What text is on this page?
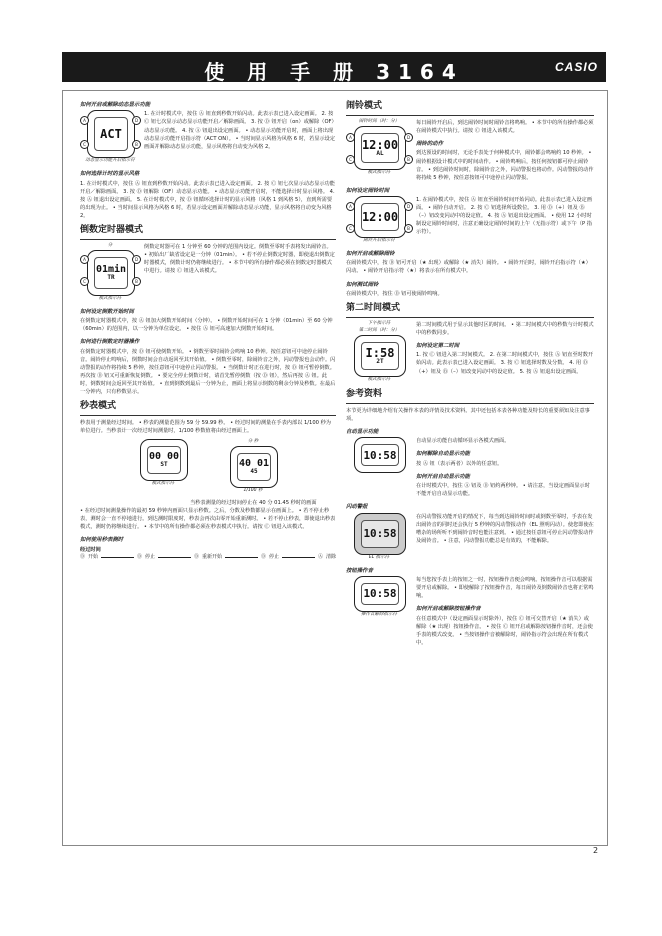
使 用 手 册 3164	CASIO
如何开启或解除动态显示功能
ACT
A
C
D
B
动态显示功能开启指示符
1. 在计时模式中，按住 Ⓐ 钮直到秒数开始闪动。此表示表已进入设定画面。 2. 按 Ⓒ 钮七次显示动态显示功能开启／解除画面。 3. 按 Ⓓ 钮开启（on）或解除（OF）动态显示功能。 4. 按 Ⓐ 钮退出设定画面。 • 动态显示功能开启时，画面上将出现动态显示功能开启指示符（ACT ON）。 • 当时间显示风格为风格 6 时，若显示设定画面并解除动态显示功能，显示风格将自动变为风格 2。
如何选择计时的显示风格
1. 在计时模式中，按住 Ⓐ 钮直到秒数开始闪动。此表示表已进入设定画面。 2. 按 Ⓒ 钮七次显示动态显示功能开启／解除画面。 3. 按 Ⓓ 钮解除（OF）动态显示功能。 • 动态显示功能开启时，不能选择计时显示风格。 4. 按 Ⓐ 钮退出设定画面。 5. 在计时模式中，按 Ⓓ 钮循环选择计时的显示风格（风格 1 到风格 5），直到所需要的出现为止。 • 当时间显示风格为风格 6 时，若显示设定画面并解除动态显示功能，显示风格将自动变为风格 2。
倒数定时器模式
分
01min
TR
A
C
D
B
模式指示符
倒数定时器可在 1 分钟至 60 分钟的范围内设定。倒数至零时手表将发出闹铃音。 • 初始出厂缺省设定是一分钟（01min）。 • 若不停止倒数定时器，即使退出倒数定时器模式，倒数计时仍将继续进行。 • 本节中的所有操作都必须在倒数定时器模式中进行。请按 Ⓒ 钮进入该模式。
如何设定倒数开始时间
在倒数定时器模式中，按 Ⓐ 钮加大倒数开始时间（分钟）。 • 倒数开始时间可在 1 分钟（01min）至 60 分钟（60min）的范围内，以一分钟为单位设定。 • 按住 Ⓐ 钮可高速加大倒数开始时间。
如何进行倒数定时器操作
在倒数定时器模式中，按 Ⓓ 钮可使倒数开始。 • 倒数至零时闹铃会鸣响 10 秒钟。按任意钮可中途停止闹铃音。闹铃停止鸣响后，倒数时间会自动返回至其开始值。 • 倒数至零时，除闹铃音之外，闪动警报也会动作。闪动警报的动作将持续 5 秒钟，按任意钮可中途停止闪动警报。 • 当倒数计时正在进行时，按 Ⓓ 钮可暂停倒数。再次按 Ⓓ 钮又可重新恢复倒数。 • 要完全停止倒数计时，请首先暂停倒数（按 Ⓓ 钮），然后再按 Ⓐ 钮。此时，倒数时间会返回至其开始值。 • 直到倒数到最后一分钟为止，画面上将显示倒数的剩余分钟及秒数。在最后一分钟内，只有秒数显示。
秒表模式
秒表用于测量经过时间。 • 秒表的测量范围为 59 分 59.99 秒。 • 经过时间的测量在手表内部以 1/100 秒为单位进行。当秒表计一次经过时间测量时，1/100 秒数值将由经过画面上。
00 00
ST
模式指示符
分 秒
40 01
45
1/100 秒
当秒表测量的经过时间停止在 40 分 01.45 秒时的画面
• 在经过时间测量操作的最初 59 秒钟内画面只显示秒数。之后，分数及秒数都显示在画面上。 • 若不停止秒表，测时会一直不停地进行。到达测时限度时，秒表会再次由零开始重新测时。 • 若不停止秒表，即使退出秒表模式，测时仍将继续进行。 • 本节中的所有操作都必须在秒表模式中执行。请按 Ⓒ 钮进入该模式。
如何使用秒表测时
经过时间
Ⓓ 开始	Ⓓ 停止	Ⓓ 重新开始	Ⓓ 停止	Ⓐ 清除
闹铃模式
闹铃时间（时：分）
12:00
AL
A
C
D
B
模式指示符
每日闹铃开启后，到达闹铃时间时闹铃音将鸣响。 • 本节中的所有操作都必须在闹铃模式中执行。请按 Ⓒ 钮进入该模式。
闹铃的动作
到达预设的时间时，无论手表处于何种模式中，闹铃都会鸣响约 10 秒钟。 • 闹铃根据设计模式中的时间动作。 • 闹铃鸣响后，按任何按钮都可停止闹铃音。 • 到达闹铃时间时，除闹铃音之外，闪动警报也将动作。闪动警报的动作将持续 5 秒钟，按任意按钮可中途停止闪动警报。
如何设定闹铃时间
12:00
A
C
D
B
闹铃开启指示符
1. 在闹铃模式中，按住 Ⓐ 钮直至闹铃时间开始闪动。此表示表已进入设定画面。 • 闹铃自动开启。 2. 按 Ⓒ 钮选择所设数位。 3. 用 Ⓓ（+）钮及 Ⓑ（–）钮改变闪动中的设定值。 4. 按 Ⓐ 钮退出设定画面。 • 使用 12 小时时制设定闹铃时间时，注意正确设定闹铃时间的上午（无指示符）或下午（P 指示符）。
如何开启或解除闹铃
在闹铃模式中，按 Ⓓ 钮可开启（★ 出现）或解除（★ 消失）闹铃。 • 闹铃开启时，闹铃开启指示符（★）闪动。 • 闹铃开启指示符（★）将表示在所有模式中。
如何测试闹铃
在闹铃模式中，按住 Ⓓ 钮可使闹铃鸣响。
第二时间模式
下午指示符
第二时间（时：分）
I:58
2T
模式指示符
第二时间模式用于显示其他时区的时间。 • 第二时间模式中的秒数与计时模式中的秒数同步。
如何设定第二时间
1. 按 Ⓒ 钮进入第二时间模式。 2. 在第二时间模式中，按住 Ⓐ 钮直至时数开始闪动。此表示表已进入设定画面。 3. 按 Ⓒ 钮选择时数及分数。 4. 用 Ⓓ（+）钮及 Ⓑ（–）钮改变闪动中的设定值。 5. 按 Ⓐ 钮退出设定画面。
参考资料
本节更为详细地介绍有关操作本表的详情及技术资料。其中还包括本表各种功能及特长的重要须知及注意事项。
自动显示功能
10:58
自动显示功能自动循环显示各模式画面。
如何解除自动显示功能
按 Ⓐ 钮（表示两者）以外的任意钮。
如何开启自动显示功能
在计时模式中，按住 Ⓐ 钮及 Ⓓ 钮约两秒钟。 • 请注意，当设定画面显示时不能开启自动显示功能。
闪动警报
10:58
EL 指示符
在闪动警报功能开启的情况下，每当到达闹铃时间时或倒数至零时，手表在发出闹铃音的同时还会执行 5 秒钟的闪动警报动作（EL 照明闪动）。使您即使在嘈杂的场所听不到闹铃音时也能注意到。 • 通过按任意钮可停止闪动警报动作及闹铃音。 • 注意，闪动警报功能总是有效的，不能解除。
按钮操作音
10:58
操作音解除指示符
每当您按手表上的按钮之一时，按钮操作音便会鸣响。按钮操作音可以根据需要开启或解除。 • 即使解除了按钮操作音，每日闹铃及倒数闹铃音也将正常鸣响。
如何开启或解除按钮操作音
在任意模式中（设定画面显示时除外），按住 Ⓒ 钮可交替开启（★ 消失）或解除（★ 出现）按钮操作音。 • 按住 Ⓒ 钮开启或解除按钮操作音时，还会使手表的模式改变。 • 当按钮操作音被解除时，闹铃指示符会出现在所有模式中。
2
